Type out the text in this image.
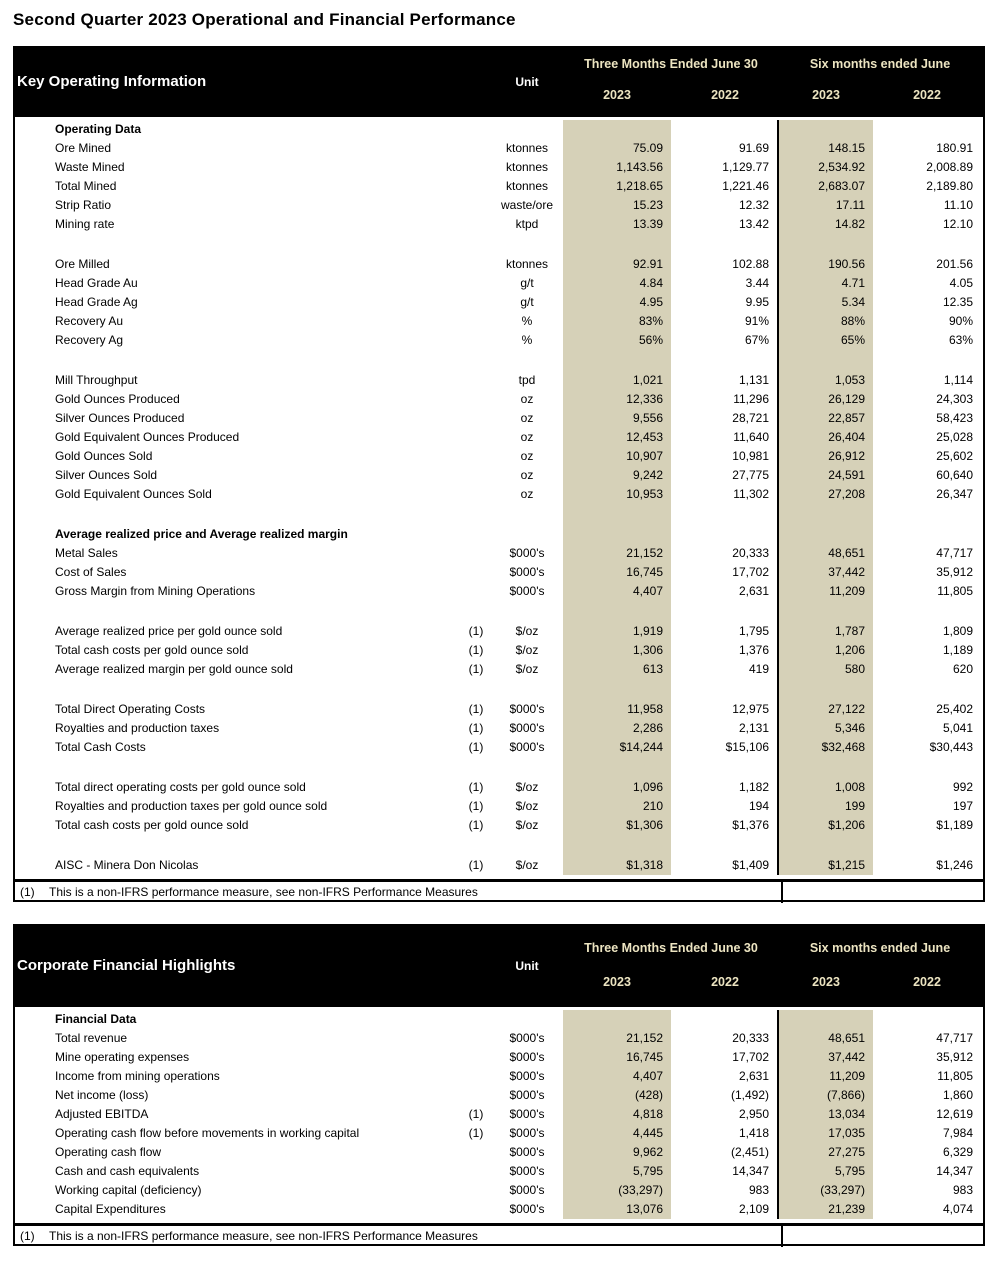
Second Quarter 2023 Operational and Financial Performance
Key Operating Information	Unit
Three Months Ended June 30	Six months ended June
2023	2022	2023	2022
Operating Data
Ore Mined	ktonnes	75.09	91.69	148.15	180.91
Waste Mined	ktonnes	1,143.56	1,129.77	2,534.92	2,008.89
Total Mined	ktonnes	1,218.65	1,221.46	2,683.07	2,189.80
Strip Ratio	waste/ore	15.23	12.32	17.11	11.10
Mining rate	ktpd	13.39	13.42	14.82	12.10
Ore Milled	ktonnes	92.91	102.88	190.56	201.56
Head Grade Au	g/t	4.84	3.44	4.71	4.05
Head Grade Ag	g/t	4.95	9.95	5.34	12.35
Recovery Au	%	83%	91%	88%	90%
Recovery Ag	%	56%	67%	65%	63%
Mill Throughput	tpd	1,021	1,131	1,053	1,114
Gold Ounces Produced	oz	12,336	11,296	26,129	24,303
Silver Ounces Produced	oz	9,556	28,721	22,857	58,423
Gold Equivalent Ounces Produced	oz	12,453	11,640	26,404	25,028
Gold Ounces Sold	oz	10,907	10,981	26,912	25,602
Silver Ounces Sold	oz	9,242	27,775	24,591	60,640
Gold Equivalent Ounces Sold	oz	10,953	11,302	27,208	26,347
Average realized price and Average realized margin
Metal Sales	$000's	21,152	20,333	48,651	47,717
Cost of Sales	$000's	16,745	17,702	37,442	35,912
Gross Margin from Mining Operations	$000's	4,407	2,631	11,209	11,805
Average realized price per gold ounce sold	(1)	$/oz	1,919	1,795	1,787	1,809
Total cash costs per gold ounce sold	(1)	$/oz	1,306	1,376	1,206	1,189
Average realized margin per gold ounce sold	(1)	$/oz	613	419	580	620
Total Direct Operating Costs	(1)	$000's	11,958	12,975	27,122	25,402
Royalties and production taxes	(1)	$000's	2,286	2,131	5,346	5,041
Total Cash Costs	(1)	$000's	$14,244	$15,106	$32,468	$30,443
Total direct operating costs per gold ounce sold	(1)	$/oz	1,096	1,182	1,008	992
Royalties and production taxes per gold ounce sold	(1)	$/oz	210	194	199	197
Total cash costs per gold ounce sold	(1)	$/oz	$1,306	$1,376	$1,206	$1,189
AISC - Minera Don Nicolas	(1)	$/oz	$1,318	$1,409	$1,215	$1,246
(1)	This is a non-IFRS performance measure, see non-IFRS Performance Measures
Corporate Financial Highlights	Unit
Three Months Ended June 30	Six months ended June
2023	2022	2023	2022
Financial Data
Total revenue	$000's	21,152	20,333	48,651	47,717
Mine operating expenses	$000's	16,745	17,702	37,442	35,912
Income from mining operations	$000's	4,407	2,631	11,209	11,805
Net income (loss)	$000's	(428)	(1,492)	(7,866)	1,860
Adjusted EBITDA	(1)	$000's	4,818	2,950	13,034	12,619
Operating cash flow before movements in working capital	(1)	$000's	4,445	1,418	17,035	7,984
Operating cash flow	$000's	9,962	(2,451)	27,275	6,329
Cash and cash equivalents	$000's	5,795	14,347	5,795	14,347
Working capital (deficiency)	$000's	(33,297)	983	(33,297)	983
Capital Expenditures	$000's	13,076	2,109	21,239	4,074
(1)	This is a non-IFRS performance measure, see non-IFRS Performance Measures
